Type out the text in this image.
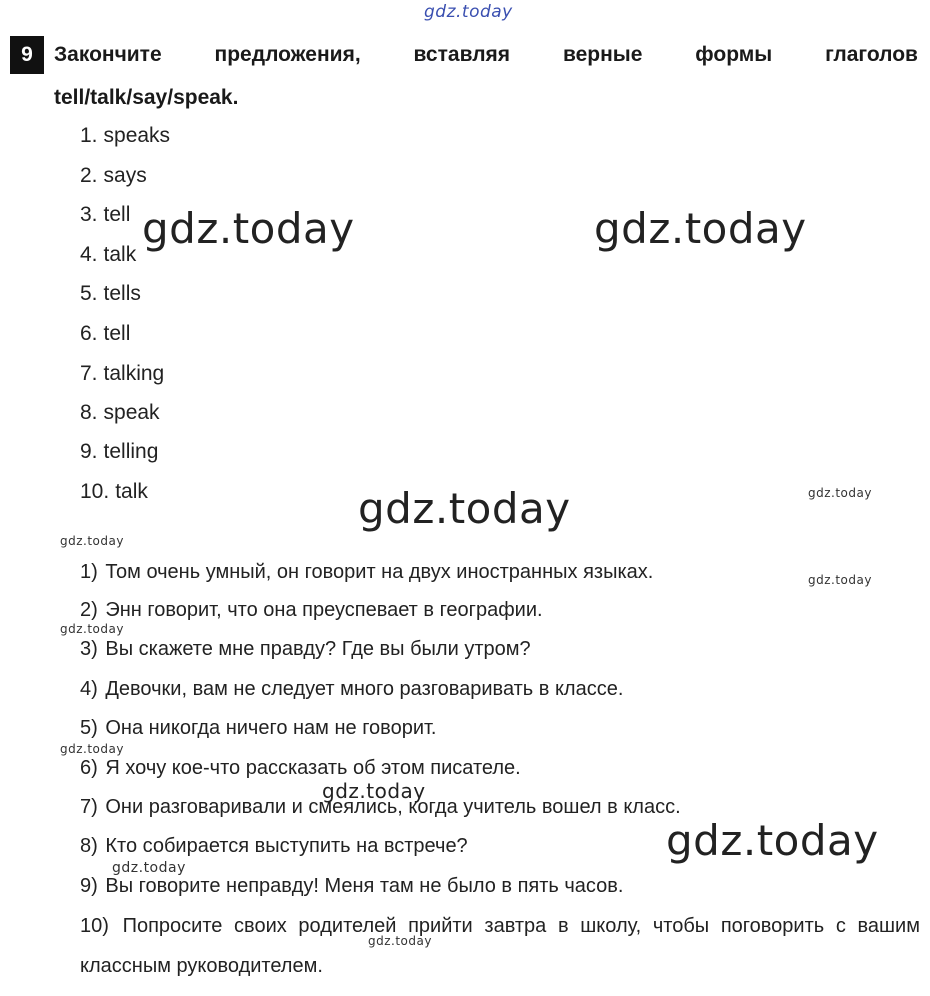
gdz.today
9	Закончите	предложения,	вставляя	верные	формы	глаголов
tell/talk/say/speak.
1. speaks
2. says
3. tell
4. talk
5. tells
6. tell
7. talking
8. speak
9. telling
10. talk
1) Том очень умный, он говорит на двух иностранных языках.
2) Энн говорит, что она преуспевает в географии.
3) Вы скажете мне правду? Где вы были утром?
4) Девочки, вам не следует много разговаривать в классе.
5) Она никогда ничего нам не говорит.
6) Я хочу кое-что рассказать об этом писателе.
7) Они разговаривали и смеялись, когда учитель вошел в класс.
8) Кто собирается выступить на встрече?
9) Вы говорите неправду! Меня там не было в пять часов.
10) Попросите своих родителей прийти завтра в школу, чтобы поговорить с вашим классным руководителем.
gdz.today	gdz.today
gdz.today
gdz.today
gdz.today
gdz.today
gdz.today
gdz.today
gdz.today
gdz.today
gdz.today
gdz.today
